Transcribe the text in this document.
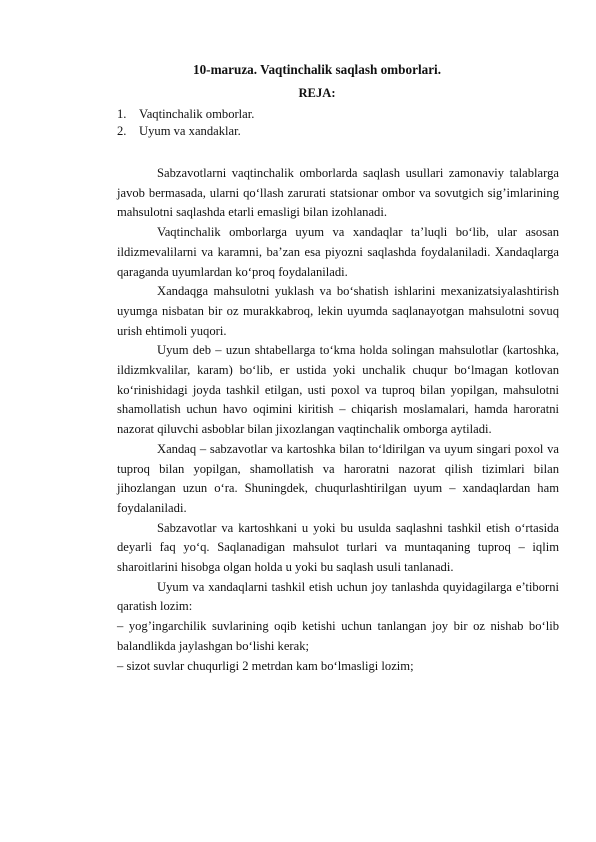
10-maruza. Vaqtinchalik saqlash omborlari.
REJA:
1. Vaqtinchalik omborlar.
2. Uyum va xandaklar.

Sabzavotlarni vaqtinchalik omborlarda saqlash usullari zamonaviy talablarga javob bermasada, ularni qo‘llash zarurati statsionar ombor va sovutgich sig’imlarining mahsulotni saqlashda etarli emasligi bilan izohlanadi.

Vaqtinchalik omborlarga uyum va xandaqlar ta’luqli bo‘lib, ular asosan ildizmevalilarni va karamni, ba’zan esa piyozni saqlashda foydalaniladi. Xandaqlarga qaraganda uyumlardan ko‘proq foydalaniladi.

Xandaqga mahsulotni yuklash va bo‘shatish ishlarini mexanizatsiyalashtirish uyumga nisbatan bir oz murakkabroq, lekin uyumda saqlanayotgan mahsulotni sovuq urish ehtimoli yuqori.

Uyum deb – uzun shtabellarga to‘kma holda solingan mahsulotlar (kartoshka, ildizmkvalilar, karam) bo‘lib, er ustida yoki unchalik chuqur bo‘lmagan kotlovan ko‘rinishidagi joyda tashkil etilgan, usti poxol va tuproq bilan yopilgan, mahsulotni shamollatish uchun havo oqimini kiritish – chiqarish moslamalari, hamda haroratni nazorat qiluvchi asboblar bilan jixozlangan vaqtinchalik omborga aytiladi.

Xandaq – sabzavotlar va kartoshka bilan to‘ldirilgan va uyum singari poxol va tuproq bilan yopilgan, shamollatish va haroratni nazorat qilish tizimlari bilan jihozlangan uzun o‘ra. Shuningdek, chuqurlashtirilgan uyum – xandaqlardan ham foydalaniladi.

Sabzavotlar va kartoshkani u yoki bu usulda saqlashni tashkil etish o‘rtasida deyarli faq yo‘q. Saqlanadigan mahsulot turlari va muntaqaning tuproq – iqlim sharoitlarini hisobga olgan holda u yoki bu saqlash usuli tanlanadi.

Uyum va xandaqlarni tashkil etish uchun joy tanlashda quyidagilarga e’tiborni qaratish lozim:

– yog’ingarchilik suvlarining oqib ketishi uchun tanlangan joy bir oz nishab bo‘lib balandlikda jaylashgan bo‘lishi kerak;

– sizot suvlar chuqurligi 2 metrdan kam bo‘lmasligi lozim;
